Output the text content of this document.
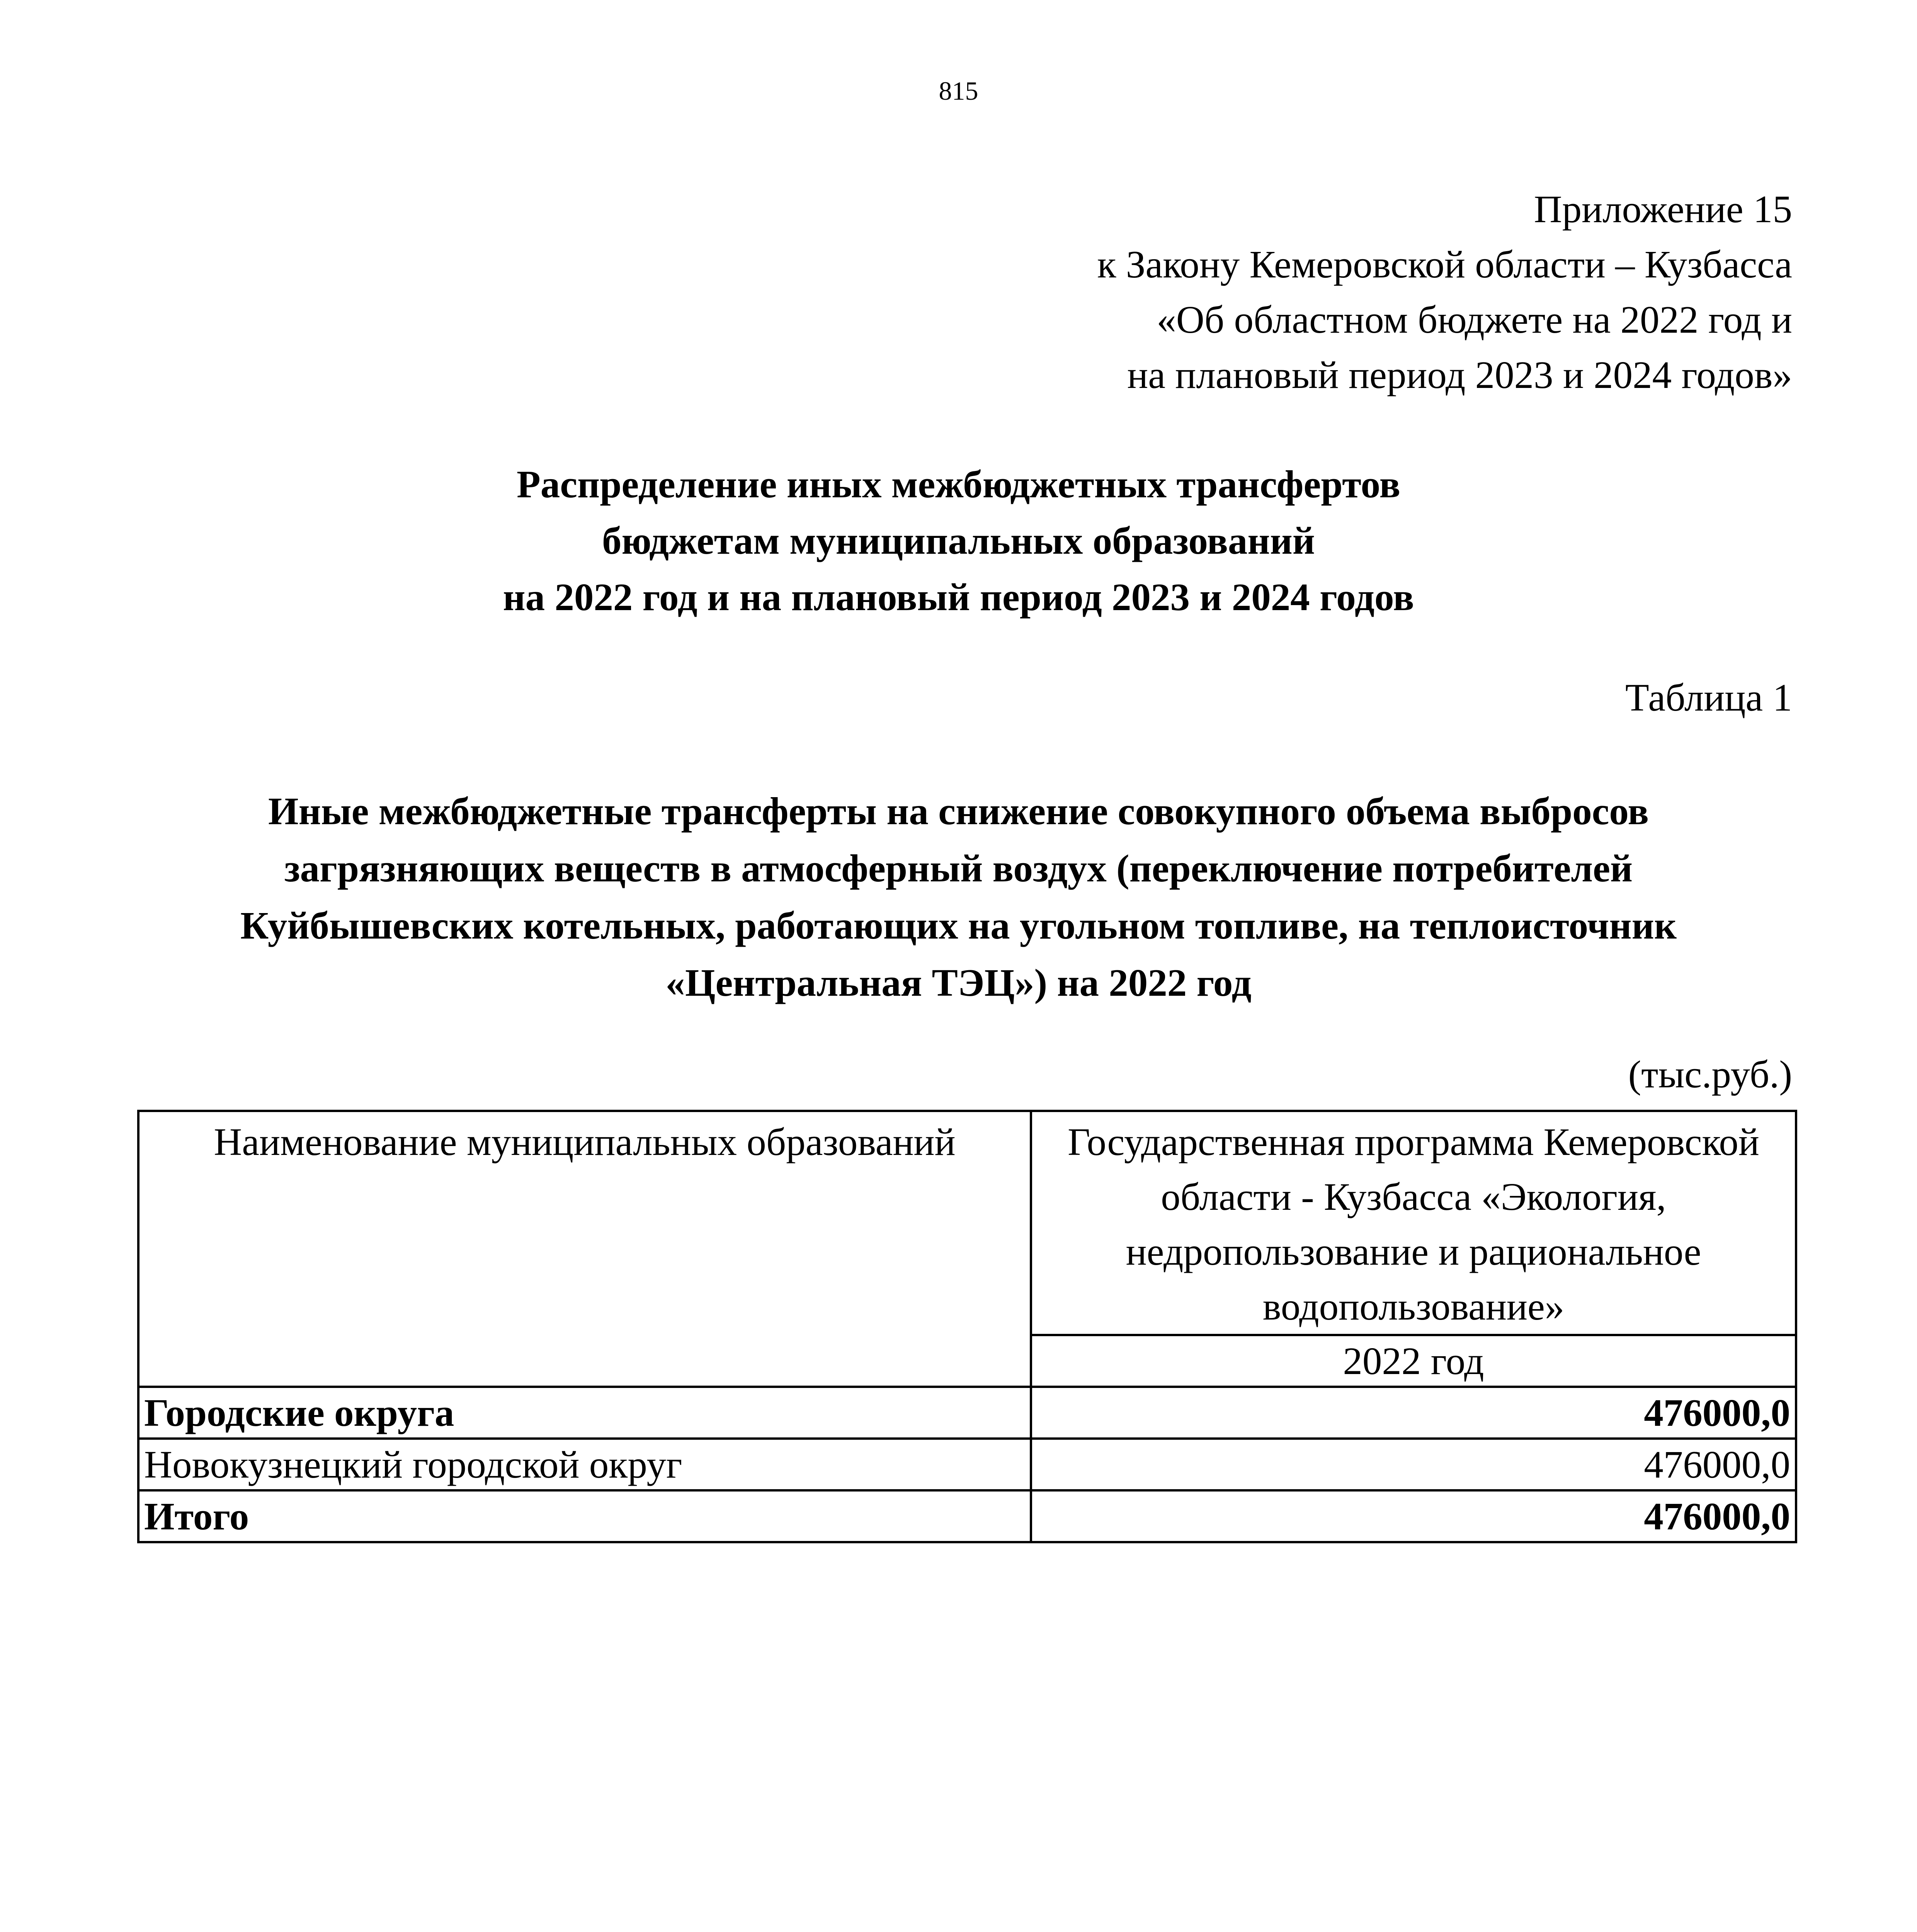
815
Приложение 15
к Закону Кемеровской области – Кузбасса
«Об областном бюджете на 2022 год и
на плановый период 2023 и 2024 годов»
Распределение иных межбюджетных трансфертов
бюджетам муниципальных образований
на 2022 год и на плановый период 2023 и 2024 годов
Таблица 1
Иные межбюджетные трансферты на снижение совокупного объема выбросов
загрязняющих веществ в атмосферный воздух (переключение потребителей
Куйбышевских котельных, работающих на угольном топливе, на теплоисточник
«Центральная ТЭЦ») на 2022 год
(тыс.руб.)
Наименование муниципальных образований	Государственная программа Кемеровской
области - Кузбасса «Экология,
недропользование и рациональное
водопользование»

	2022 год
Городские округа	476000,0
Новокузнецкий городской округ	476000,0
Итого	476000,0
